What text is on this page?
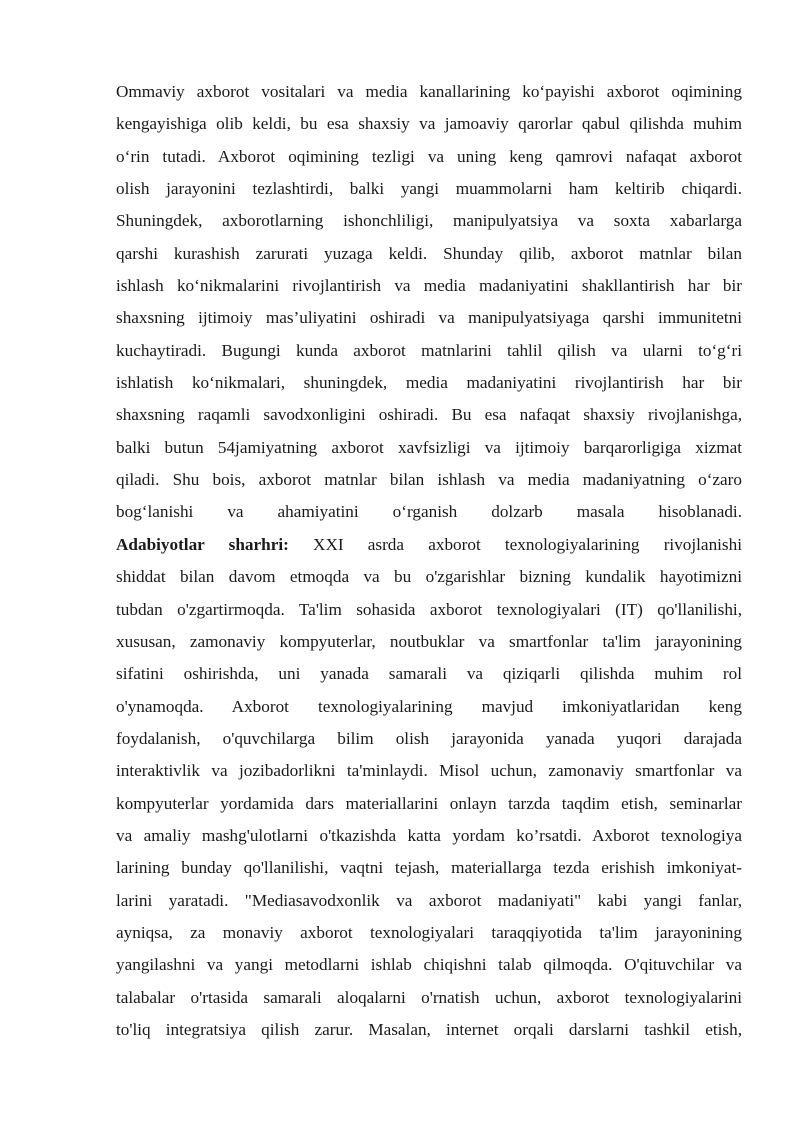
Ommaviy axborot vositalari va media kanallarining ko‘payishi axborot oqimining
kengayishiga olib keldi, bu esa shaxsiy va jamoaviy qarorlar qabul qilishda muhim
o‘rin tutadi. Axborot oqimining tezligi va uning keng qamrovi nafaqat axborot
olish jarayonini tezlashtirdi, balki yangi muammolarni ham keltirib chiqardi.
Shuningdek, axborotlarning ishonchliligi, manipulyatsiya va soxta xabarlarga
qarshi kurashish zarurati yuzaga keldi. Shunday qilib, axborot matnlar bilan
ishlash ko‘nikmalarini rivojlantirish va media madaniyatini shakllantirish har bir
shaxsning ijtimoiy mas’uliyatini oshiradi va manipulyatsiyaga qarshi immunitetni
kuchaytiradi. Bugungi kunda axborot matnlarini tahlil qilish va ularni to‘g‘ri
ishlatish ko‘nikmalari, shuningdek, media madaniyatini rivojlantirish har bir
shaxsning raqamli savodxonligini oshiradi. Bu esa nafaqat shaxsiy rivojlanishga,
balki butun 54jamiyatning axborot xavfsizligi va ijtimoiy barqarorligiga xizmat
qiladi. Shu bois, axborot matnlar bilan ishlash va media madaniyatning o‘zaro
bog‘lanishi va ahamiyatini o‘rganish dolzarb masala hisoblanadi.
Adabiyotlar sharhri: XXI asrda axborot texnologiyalarining rivojlanishi
shiddat bilan davom etmoqda va bu o'zgarishlar bizning kundalik hayotimizni
tubdan o'zgartirmoqda. Ta'lim sohasida axborot texnologiyalari (IT) qo'llanilishi,
xususan, zamonaviy kompyuterlar, noutbuklar va smartfonlar ta'lim jarayonining
sifatini oshirishda, uni yanada samarali va qiziqarli qilishda muhim rol
o'ynamoqda. Axborot texnologiyalarining mavjud imkoniyatlaridan keng
foydalanish, o'quvchilarga bilim olish jarayonida yanada yuqori darajada
interaktivlik va jozibadorlikni ta'minlaydi. Misol uchun, zamonaviy smartfonlar va
kompyuterlar yordamida dars materiallarini onlayn tarzda taqdim etish, seminarlar
va amaliy mashg'ulotlarni o'tkazishda katta yordam ko’rsatdi. Axborot texnologiya
larining bunday qo'llanilishi, vaqtni tejash, materiallarga tezda erishish imkoniyat-
larini yaratadi. "Mediasavodxonlik va axborot madaniyati" kabi yangi fanlar,
ayniqsa, za monaviy axborot texnologiyalari taraqqiyotida ta'lim jarayonining
yangilashni va yangi metodlarni ishlab chiqishni talab qilmoqda. O'qituvchilar va
talabalar o'rtasida samarali aloqalarni o'rnatish uchun, axborot texnologiyalarini
to'liq integratsiya qilish zarur. Masalan, internet orqali darslarni tashkil etish,
